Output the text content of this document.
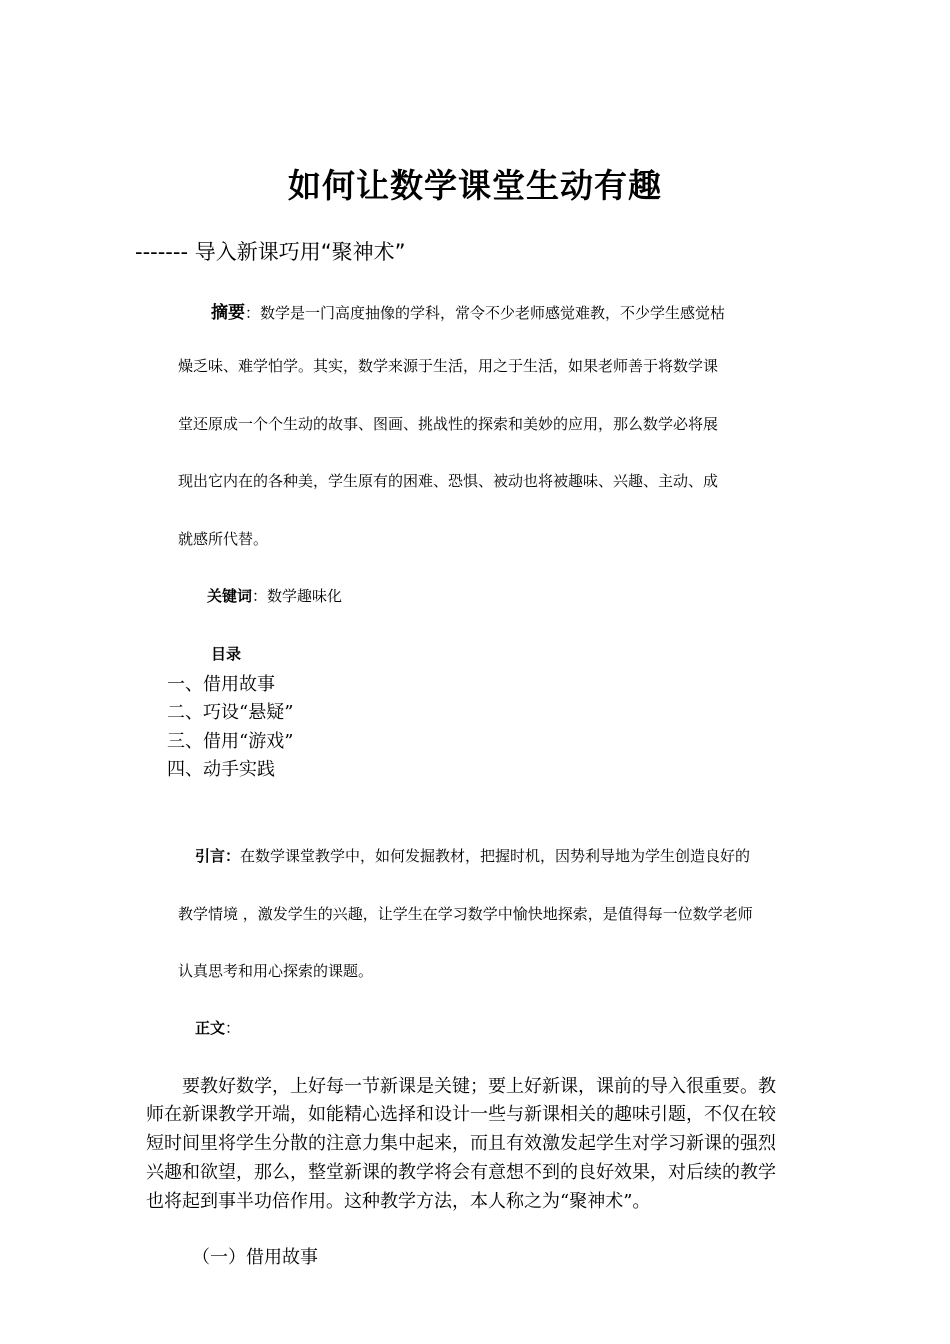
如何让数学课堂生动有趣
------- 导入新课巧用“聚神术”
摘要：数学是一门高度抽像的学科，常令不少老师感觉难教，不少学生感觉枯
燥乏味、难学怕学。其实，数学来源于生活，用之于生活，如果老师善于将数学课
堂还原成一个个生动的故事、图画、挑战性的探索和美妙的应用，那么数学必将展
现出它内在的各种美，学生原有的困难、恐惧、被动也将被趣味、兴趣、主动、成
就感所代替。
关键词：数学趣味化
目录
一、借用故事
二、巧设“悬疑”
三、借用“游戏”
四、动手实践
引言：在数学课堂教学中，如何发掘教材，把握时机，因势利导地为学生创造良好的
教学情境 ，激发学生的兴趣，让学生在学习数学中愉快地探索，是值得每一位数学老师
认真思考和用心探索的课题。
正文：
要教好数学，上好每一节新课是关键；要上好新课，课前的导入很重要。教
师在新课教学开端，如能精心选择和设计一些与新课相关的趣味引题，不仅在较
短时间里将学生分散的注意力集中起来，而且有效激发起学生对学习新课的强烈
兴趣和欲望，那么，整堂新课的教学将会有意想不到的良好效果，对后续的教学
也将起到事半功倍作用。这种教学方法，本人称之为“聚神术”。
（一）借用故事
